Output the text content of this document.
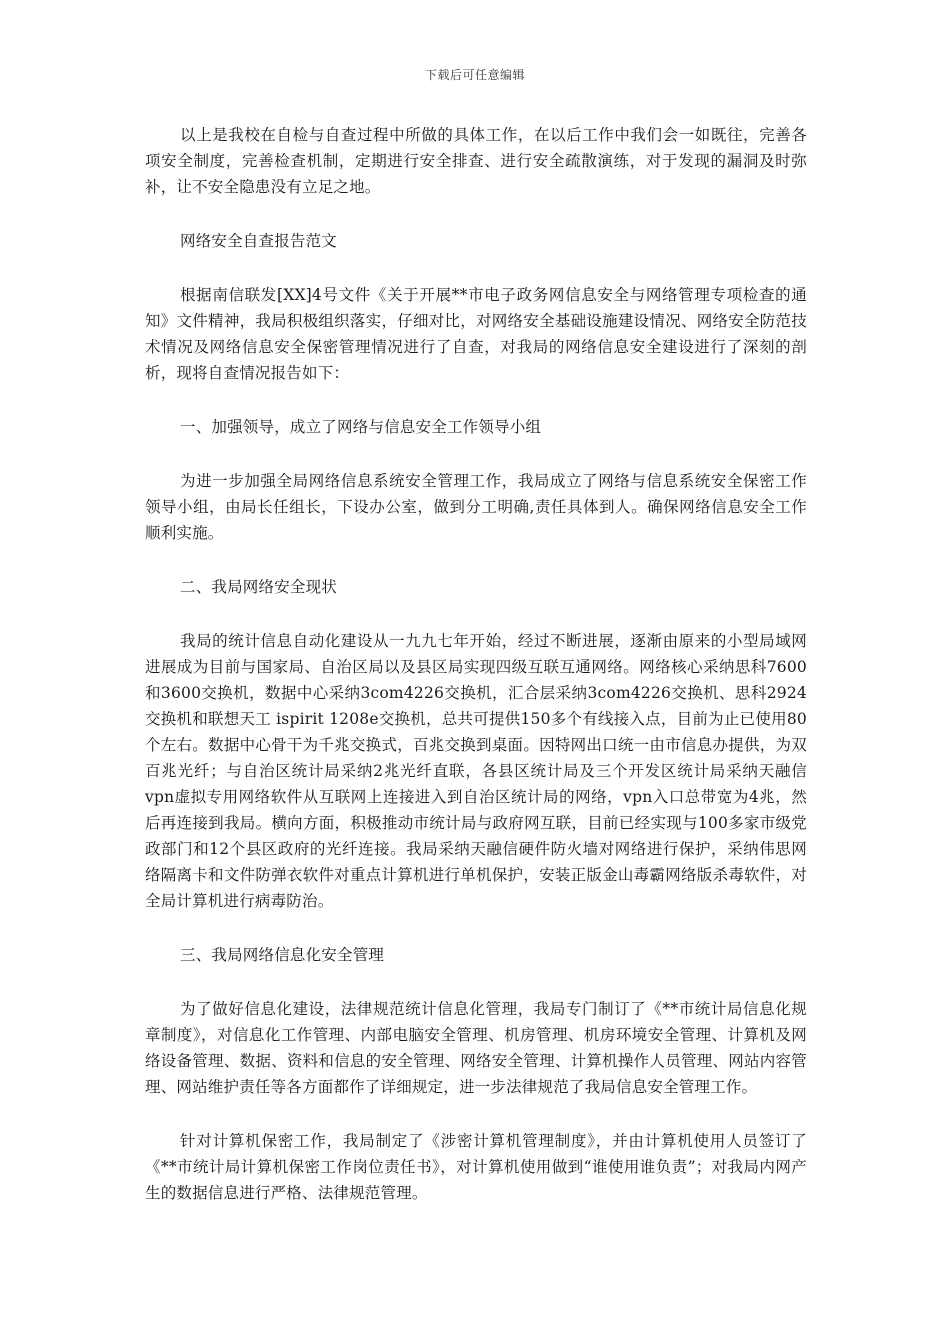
下载后可任意编辑

以上是我校在自检与自查过程中所做的具体工作，在以后工作中我们会一如既往，完善各项安全制度，完善检查机制，定期进行安全排查、进行安全疏散演练，对于发现的漏洞及时弥补，让不安全隐患没有立足之地。

网络安全自查报告范文

根据南信联发[XX]4号文件《关于开展**市电子政务网信息安全与网络管理专项检查的通知》文件精神，我局积极组织落实，仔细对比，对网络安全基础设施建设情况、网络安全防范技术情况及网络信息安全保密管理情况进行了自查，对我局的网络信息安全建设进行了深刻的剖析，现将自查情况报告如下：

一、加强领导，成立了网络与信息安全工作领导小组

为进一步加强全局网络信息系统安全管理工作，我局成立了网络与信息系统安全保密工作领导小组，由局长任组长，下设办公室，做到分工明确,责任具体到人。确保网络信息安全工作顺利实施。

二、我局网络安全现状

我局的统计信息自动化建设从一九九七年开始，经过不断进展，逐渐由原来的小型局域网进展成为目前与国家局、自治区局以及县区局实现四级互联互通网络。网络核心采纳思科7600和3600交换机，数据中心采纳3com4226交换机，汇合层采纳3com4226交换机、思科2924交换机和联想天工 ispirit 1208e交换机，总共可提供150多个有线接入点，目前为止已使用80个左右。数据中心骨干为千兆交换式，百兆交换到桌面。因特网出口统一由市信息办提供，为双百兆光纤；与自治区统计局采纳2兆光纤直联，各县区统计局及三个开发区统计局采纳天融信vpn虚拟专用网络软件从互联网上连接进入到自治区统计局的网络，vpn入口总带宽为4兆，然后再连接到我局。横向方面，积极推动市统计局与政府网互联，目前已经实现与100多家市级党政部门和12个县区政府的光纤连接。我局采纳天融信硬件防火墙对网络进行保护，采纳伟思网络隔离卡和文件防弹衣软件对重点计算机进行单机保护，安装正版金山毒霸网络版杀毒软件，对全局计算机进行病毒防治。

三、我局网络信息化安全管理

为了做好信息化建设，法律规范统计信息化管理，我局专门制订了《**市统计局信息化规章制度》，对信息化工作管理、内部电脑安全管理、机房管理、机房环境安全管理、计算机及网络设备管理、数据、资料和信息的安全管理、网络安全管理、计算机操作人员管理、网站内容管理、网站维护责任等各方面都作了详细规定，进一步法律规范了我局信息安全管理工作。

针对计算机保密工作，我局制定了《涉密计算机管理制度》，并由计算机使用人员签订了《**市统计局计算机保密工作岗位责任书》，对计算机使用做到“谁使用谁负责”；对我局内网产生的数据信息进行严格、法律规范管理。
